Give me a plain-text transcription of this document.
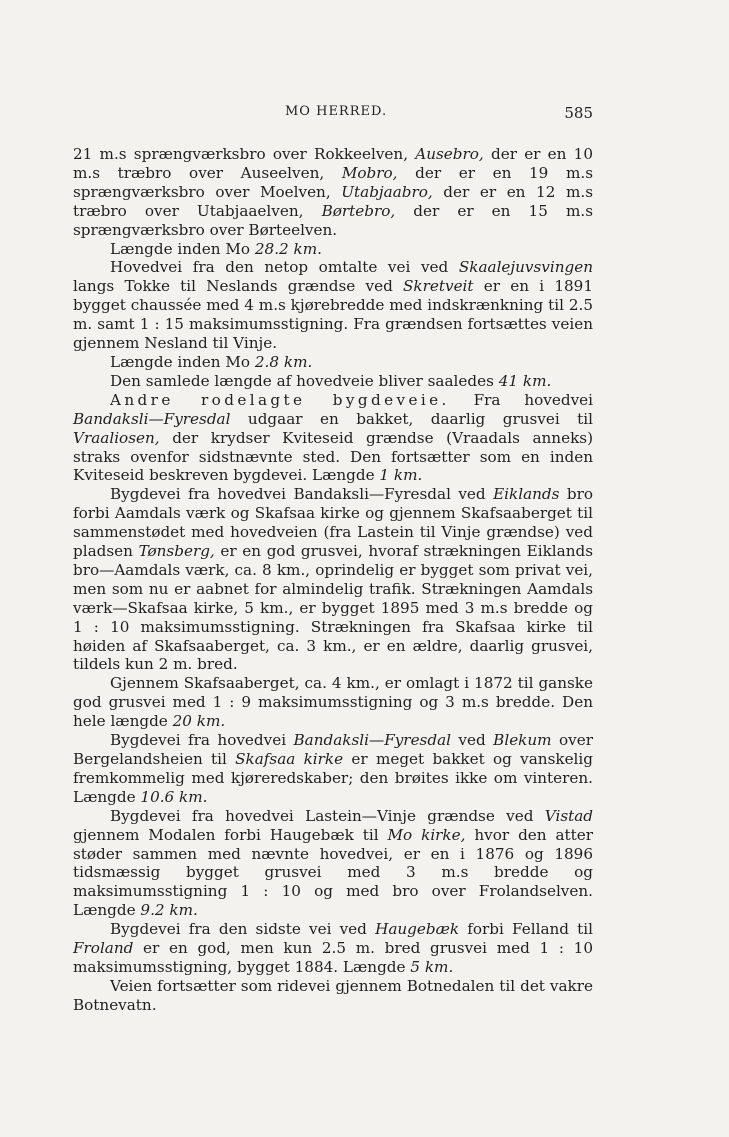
MO HERRED.	585

21 m.s sprængværksbro over Rokkeelven, Ausebro, der er en 10 m.s træbro over Auseelven, Mobro, der er en 19 m.s sprængværksbro over Moelven, Utabjaabro, der er en 12 m.s træbro over Utabjaaelven, Børtebro, der er en 15 m.s sprængværksbro over Børteelven.

Længde inden Mo 28.2 km.

Hovedvei fra den netop omtalte vei ved Skaalejuvsvingen langs Tokke til Neslands grændse ved Skretveit er en i 1891 bygget chaussée med 4 m.s kjørebredde med indskrænkning til 2.5 m. samt 1 : 15 maksimumsstigning. Fra grændsen fortsættes veien gjennem Nesland til Vinje.

Længde inden Mo 2.8 km.

Den samlede længde af hovedveie bliver saaledes 41 km.

Andre rodelagte bygdeveie. Fra hovedvei Bandaksli—Fyresdal udgaar en bakket, daarlig grusvei til Vraaliosen, der krydser Kviteseid grændse (Vraadals anneks) straks ovenfor sidstnævnte sted. Den fortsætter som en inden Kviteseid beskreven bygdevei. Længde 1 km.

Bygdevei fra hovedvei Bandaksli—Fyresdal ved Eiklands bro forbi Aamdals værk og Skafsaa kirke og gjennem Skafsaaberget til sammenstødet med hovedveien (fra Lastein til Vinje grændse) ved pladsen Tønsberg, er en god grusvei, hvoraf strækningen Eiklands bro—Aamdals værk, ca. 8 km., oprindelig er bygget som privat vei, men som nu er aabnet for almindelig trafik. Strækningen Aamdals værk—Skafsaa kirke, 5 km., er bygget 1895 med 3 m.s bredde og 1 : 10 maksimumsstigning. Strækningen fra Skafsaa kirke til høiden af Skafsaaberget, ca. 3 km., er en ældre, daarlig grusvei, tildels kun 2 m. bred.

Gjennem Skafsaaberget, ca. 4 km., er omlagt i 1872 til ganske god grusvei med 1 : 9 maksimumsstigning og 3 m.s bredde. Den hele længde 20 km.

Bygdevei fra hovedvei Bandaksli—Fyresdal ved Blekum over Bergelandsheien til Skafsaa kirke er meget bakket og vanskelig fremkommelig med kjøreredskaber; den brøites ikke om vinteren. Længde 10.6 km.

Bygdevei fra hovedvei Lastein—Vinje grændse ved Vistad gjennem Modalen forbi Haugebæk til Mo kirke, hvor den atter støder sammen med nævnte hovedvei, er en i 1876 og 1896 tidsmæssig bygget grusvei med 3 m.s bredde og maksimumsstigning 1 : 10 og med bro over Frolandselven. Længde 9.2 km.

Bygdevei fra den sidste vei ved Haugebæk forbi Felland til Froland er en god, men kun 2.5 m. bred grusvei med 1 : 10 maksimumsstigning, bygget 1884. Længde 5 km.

Veien fortsætter som ridevei gjennem Botnedalen til det vakre Botnevatn.
